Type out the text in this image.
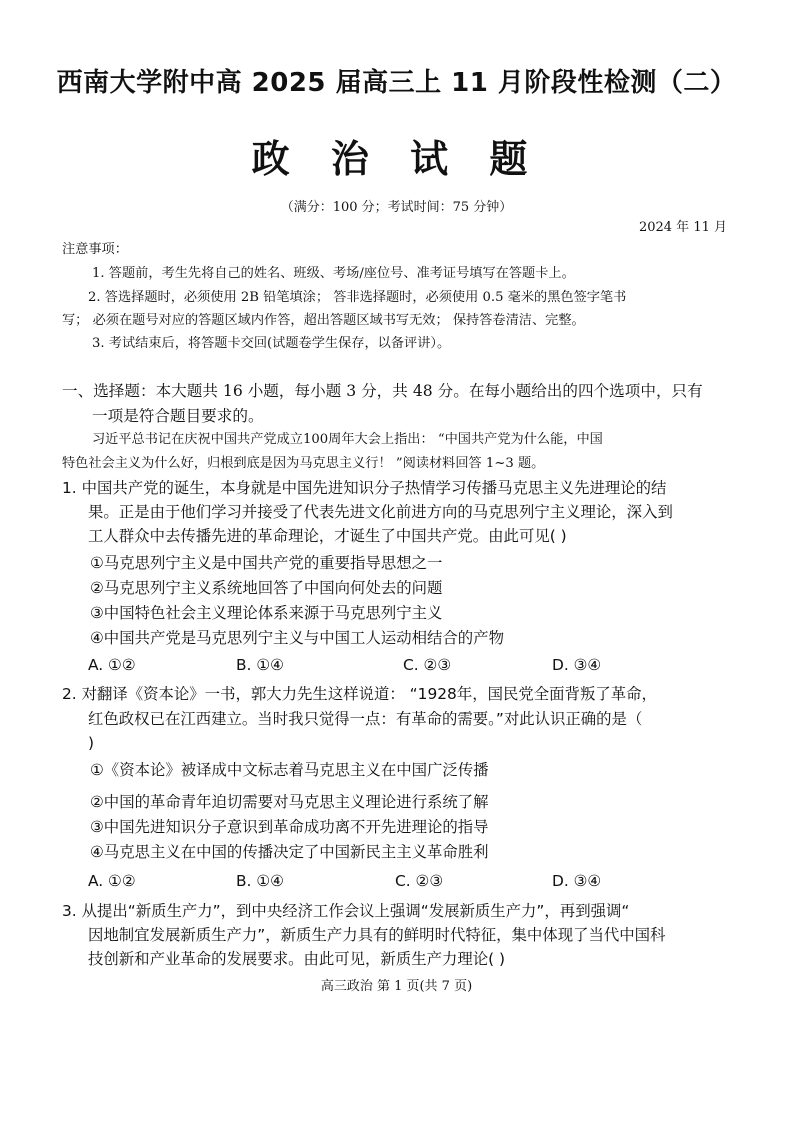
西南大学附中高 2025 届高三上 11 月阶段性检测（二）
政 治 试 题
（满分：100 分；考试时间：75 分钟）
2024 年 11 月
注意事项：
1. 答题前，考生先将自己的姓名、班级、考场/座位号、准考证号填写在答题卡上。
2. 答选择题时，必须使用 2B 铅笔填涂； 答非选择题时，必须使用 0.5 毫米的黑色签字笔书
写； 必须在题号对应的答题区域内作答，超出答题区域书写无效； 保持答卷清洁、完整。
3. 考试结束后，将答题卡交回(试题卷学生保存，以备评讲）。
一、选择题：本大题共 16 小题，每小题 3 分，共 48 分。在每小题给出的四个选项中，只有
一项是符合题目要求的。
习近平总书记在庆祝中国共产党成立100周年大会上指出： “中国共产党为什么能，中国
特色社会主义为什么好，归根到底是因为马克思主义行！ ”阅读材料回答 1~3 题。
1. 中国共产党的诞生，本身就是中国先进知识分子热情学习传播马克思主义先进理论的结
果。正是由于他们学习并接受了代表先进文化前进方向的马克思列宁主义理论，深入到
工人群众中去传播先进的革命理论，才诞生了中国共产党。由此可见( )
①马克思列宁主义是中国共产党的重要指导思想之一
②马克思列宁主义系统地回答了中国向何处去的问题
③中国特色社会主义理论体系来源于马克思列宁主义
④中国共产党是马克思列宁主义与中国工人运动相结合的产物
A. ①②	B. ①④	C. ②③	D. ③④
2. 对翻译《资本论》一书，郭大力先生这样说道： “1928年，国民党全面背叛了革命，
红色政权已在江西建立。当时我只觉得一点：有革命的需要。”对此认识正确的是（
)
①《资本论》被译成中文标志着马克思主义在中国广泛传播
②中国的革命青年迫切需要对马克思主义理论进行系统了解
③中国先进知识分子意识到革命成功离不开先进理论的指导
④马克思主义在中国的传播决定了中国新民主主义革命胜利
A. ①②	B. ①④	C. ②③	D. ③④
3. 从提出“新质生产力”，到中央经济工作会议上强调“发展新质生产力”，再到强调“
因地制宜发展新质生产力”，新质生产力具有的鲜明时代特征，集中体现了当代中国科
技创新和产业革命的发展要求。由此可见，新质生产力理论( )
高三政治 第 1 页(共 7 页)
